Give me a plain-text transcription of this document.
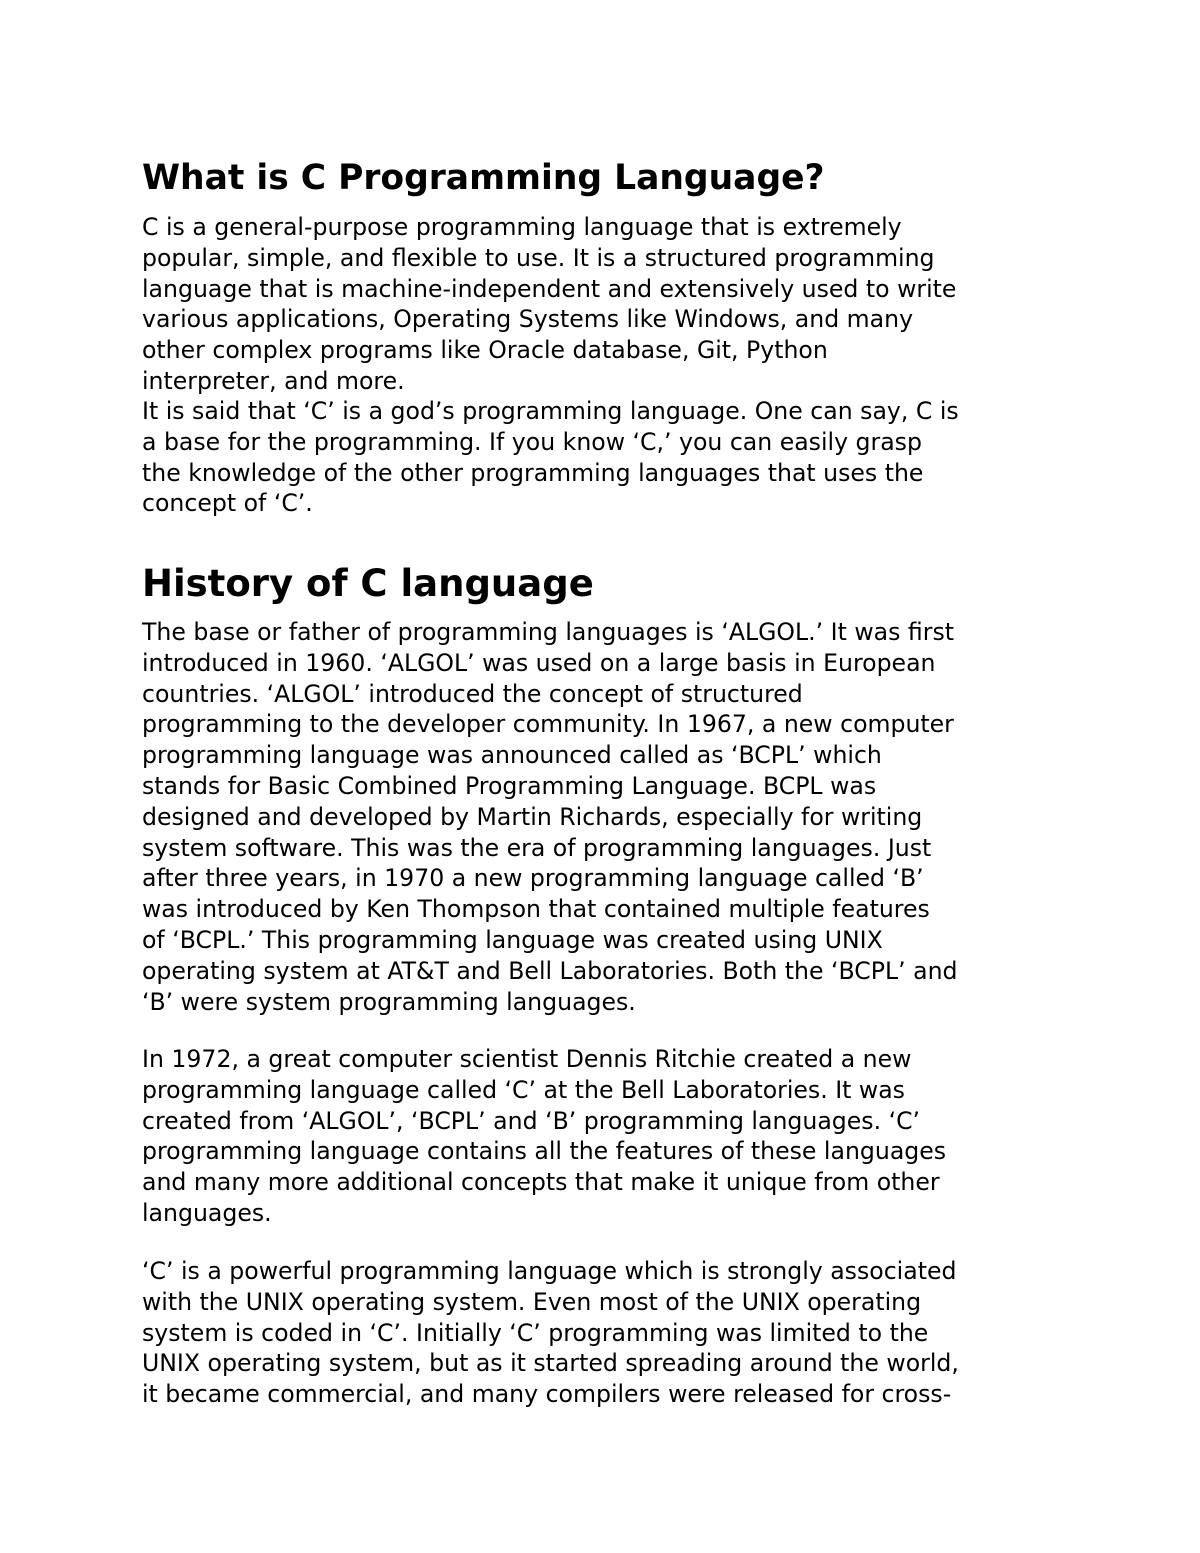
What is C Programming Language?

C is a general-purpose programming language that is extremely
popular, simple, and flexible to use. It is a structured programming
language that is machine-independent and extensively used to write
various applications, Operating Systems like Windows, and many
other complex programs like Oracle database, Git, Python
interpreter, and more.

It is said that ‘C’ is a god’s programming language. One can say, C is
a base for the programming. If you know ‘C,’ you can easily grasp
the knowledge of the other programming languages that uses the
concept of ‘C’.

History of C language

The base or father of programming languages is ‘ALGOL.’ It was first
introduced in 1960. ‘ALGOL’ was used on a large basis in European
countries. ‘ALGOL’ introduced the concept of structured
programming to the developer community. In 1967, a new computer
programming language was announced called as ‘BCPL’ which
stands for Basic Combined Programming Language. BCPL was
designed and developed by Martin Richards, especially for writing
system software. This was the era of programming languages. Just
after three years, in 1970 a new programming language called ‘B’
was introduced by Ken Thompson that contained multiple features
of ‘BCPL.’ This programming language was created using UNIX
operating system at AT&T and Bell Laboratories. Both the ‘BCPL’ and
‘B’ were system programming languages.

In 1972, a great computer scientist Dennis Ritchie created a new
programming language called ‘C’ at the Bell Laboratories. It was
created from ‘ALGOL’, ‘BCPL’ and ‘B’ programming languages. ‘C’
programming language contains all the features of these languages
and many more additional concepts that make it unique from other
languages.

‘C’ is a powerful programming language which is strongly associated
with the UNIX operating system. Even most of the UNIX operating
system is coded in ‘C’. Initially ‘C’ programming was limited to the
UNIX operating system, but as it started spreading around the world,
it became commercial, and many compilers were released for cross-
